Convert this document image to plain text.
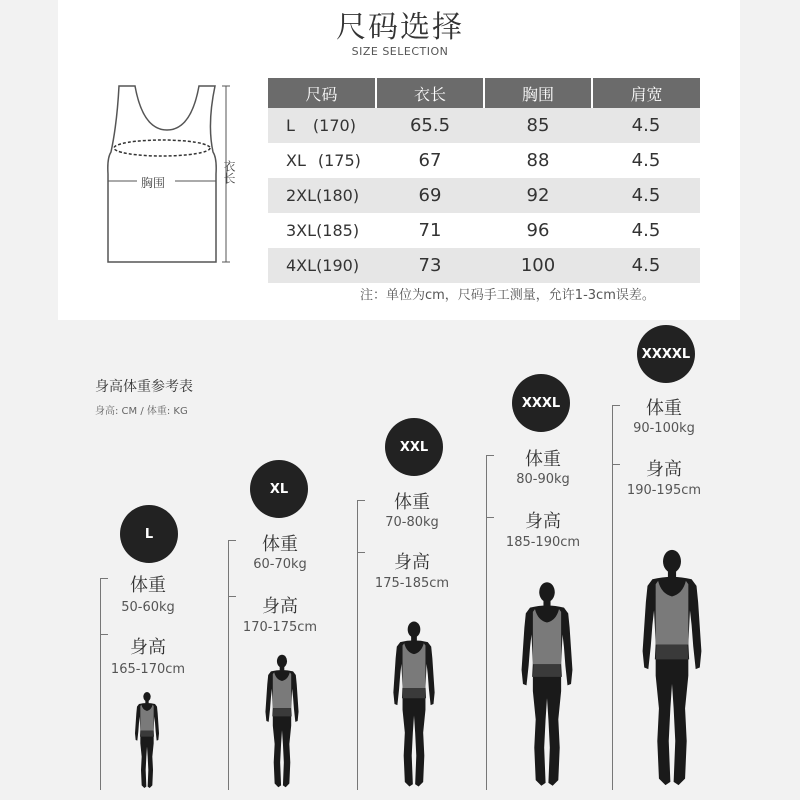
尺码选择
SIZE SELECTION
胸围	衣长
尺码	衣长	胸围	肩宽
L (170)	65.5	85	4.5
XL (175)	67	88	4.5
2XL(180)	69	92	4.5
3XL(185)	71	96	4.5
4XL(190)	73	100	4.5
注：单位为cm，尺码手工测量，允许1-3cm误差。
身高体重参考表
身高: CM / 体重: KG
L
体重
50-60kg
身高
165-170cm
XL
体重
60-70kg
身高
170-175cm
XXL
体重
70-80kg
身高
175-185cm
XXXL
体重
80-90kg
身高
185-190cm
XXXXL
体重
90-100kg
身高
190-195cm
